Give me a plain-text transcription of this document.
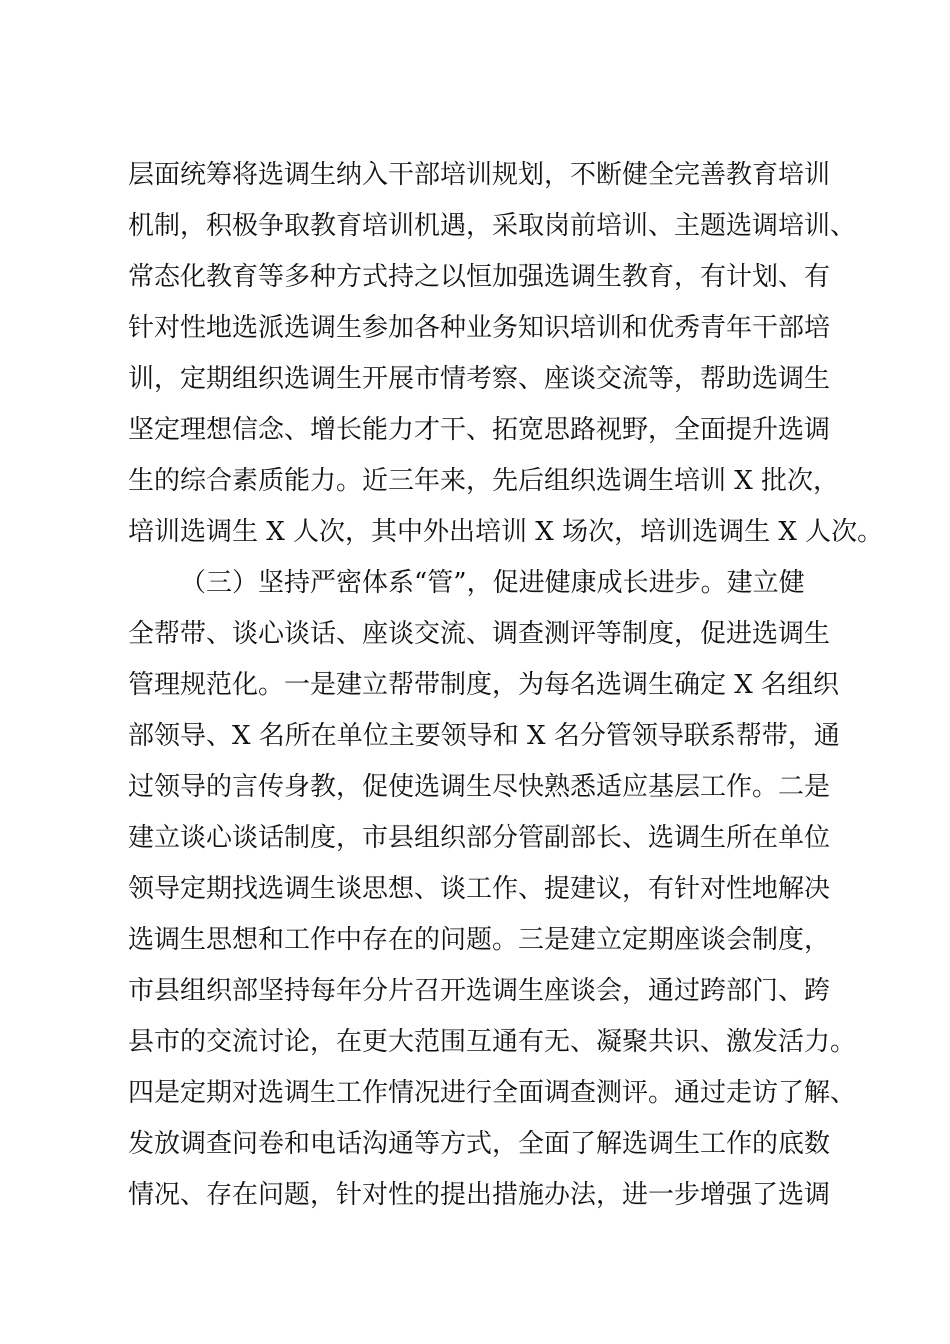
层面统筹将选调生纳入干部培训规划，不断健全完善教育培训
机制，积极争取教育培训机遇，采取岗前培训、主题选调培训、
常态化教育等多种方式持之以恒加强选调生教育，有计划、有
针对性地选派选调生参加各种业务知识培训和优秀青年干部培
训，定期组织选调生开展市情考察、座谈交流等，帮助选调生
坚定理想信念、增长能力才干、拓宽思路视野，全面提升选调
生的综合素质能力。近三年来，先后组织选调生培训 X 批次，
培训选调生 X 人次，其中外出培训 X 场次，培训选调生 X 人次。
（三）坚持严密体系“管”，促进健康成长进步。建立健
全帮带、谈心谈话、座谈交流、调查测评等制度，促进选调生
管理规范化。一是建立帮带制度，为每名选调生确定 X 名组织
部领导、X 名所在单位主要领导和 X 名分管领导联系帮带，通
过领导的言传身教，促使选调生尽快熟悉适应基层工作。二是
建立谈心谈话制度，市县组织部分管副部长、选调生所在单位
领导定期找选调生谈思想、谈工作、提建议，有针对性地解决
选调生思想和工作中存在的问题。三是建立定期座谈会制度，
市县组织部坚持每年分片召开选调生座谈会，通过跨部门、跨
县市的交流讨论，在更大范围互通有无、凝聚共识、激发活力。
四是定期对选调生工作情况进行全面调查测评。通过走访了解、
发放调查问卷和电话沟通等方式，全面了解选调生工作的底数
情况、存在问题，针对性的提出措施办法，进一步增强了选调
